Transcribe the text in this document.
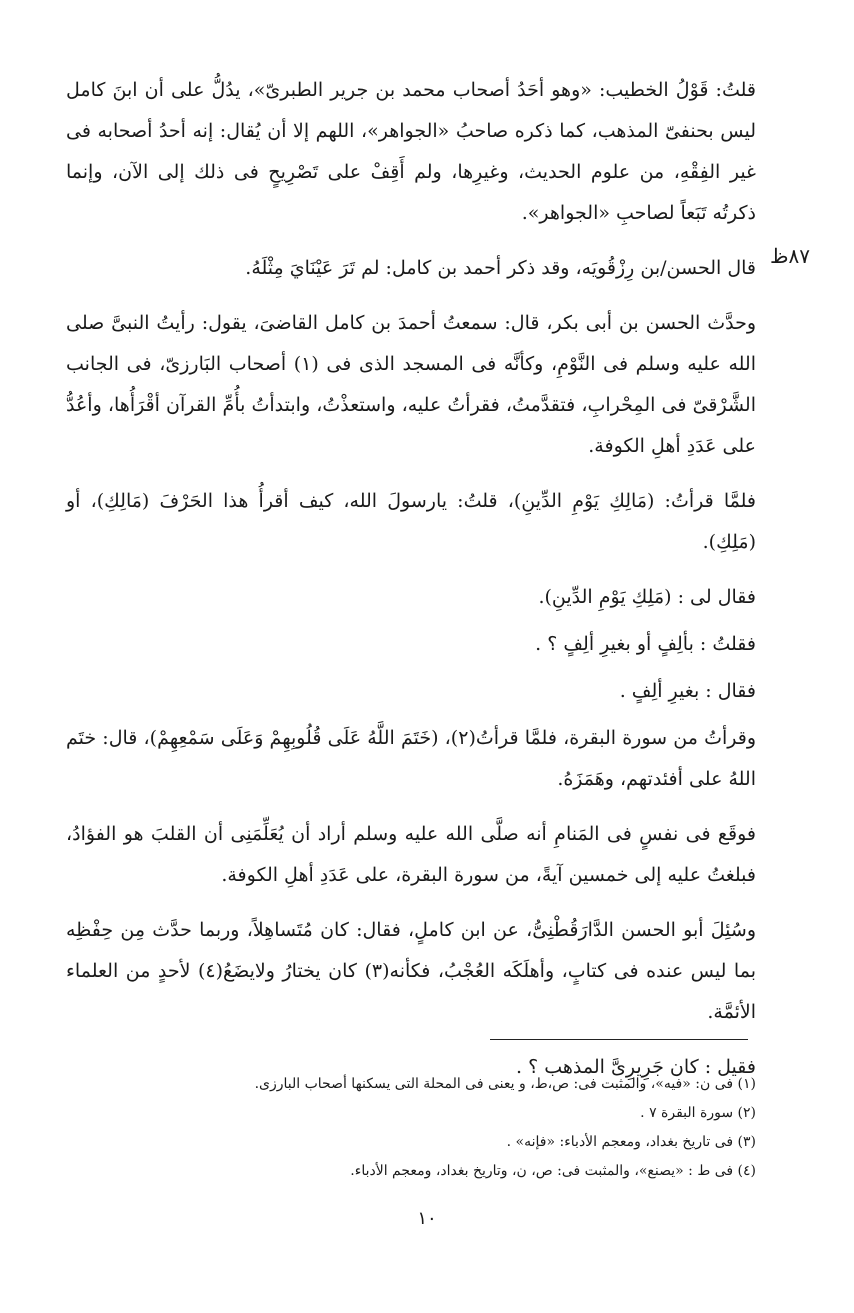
٨٧ظ

قلتُ: قَوْلُ الخطيب: «وهو أحَدُ أصحاب محمد بن جرير الطبرىّ»، يدُلُّ على أن ابنَ كامل ليس بحنفىّ المذهب، كما ذكره صاحبُ «الجواهر»، اللهم إلا أن يُقال: إنه أحدُ أصحابه فى غير الفِقْهِ، من علوم الحديث، وغيرِها، ولم أَقِفْ على تَصْرِيحٍ فى ذلك إلى الآن، وإنما ذكرتُه تَبَعاً لصاحبِ «الجواهر».

قال الحسن/بن رِزْقُويَه، وقد ذكر أحمد بن كامل: لم تَرَ عَيْنَايَ مِثْلَهُ.

وحدَّث الحسن بن أبى بكر، قال: سمعتُ أحمدَ بن كامل القاضىَ، يقول: رأيتُ النبىَّ صلى الله عليه وسلم فى النَّوْمِ، وكأنَّه فى المسجد الذى فى (١) أصحاب البَارزىّ، فى الجانب الشَّرْقىّ فى المِحْرابِ، فتقدَّمتُ، فقرأتُ عليه، واستعذْتُ، وابتدأتُ بأُمِّ القرآن أقْرَأُها، وأعُدُّ على عَدَدِ أهلِ الكوفة.

فلمَّا قرأتُ: (مَالِكِ يَوْمِ الدِّينِ)، قلتُ: يارسولَ الله، كيف أقرأُ هذا الحَرْفَ (مَالِكِ)، أو (مَلِكِ).

فقال لى : (مَلِكِ يَوْمِ الدِّينِ).

فقلتُ : بألِفٍ أو بغيرِ ألِفٍ ؟ .

فقال : بغيرِ ألِفٍ .

وقرأتُ من سورة البقرة، فلمَّا قرأتُ(٢)، (خَتَمَ اللَّهُ عَلَى قُلُوبِهِمْ وَعَلَى سَمْعِهِمْ)، قال: ختَم اللهُ على أفئدتهم، وهَمَزَهُ.

فوقَع فى نفسٍ فى المَنامِ أنه صلَّى الله عليه وسلم أراد أن يُعَلِّمَنِى أن القلبَ هو الفؤادُ، فبلغتُ عليه إلى خمسين آيةً، من سورة البقرة، على عَدَدِ أهلِ الكوفة.

وسُئِلَ أبو الحسن الدَّارَقُطْنِىُّ، عن ابن كاملٍ، فقال: كان مُتَساهِلاً، وربما حدَّث مِن حِفْظِه بما ليس عنده فى كتابٍ، وأهلَكَه العُجْبُ، فكأنه(٣) كان يختارُ ولايضَعُ(٤) لأحدٍ من العلماء الأئمَّة.

فقيل : كان جَرِيرِىَّ المذهب ؟ .

(١) فى ن: «فيه»، والمثبت فى: ص،ط، و يعنى فى المحلة التى يسكنها أصحاب البارزى.
(٢) سورة البقرة ٧ .
(٣) فى تاريخ بغداد، ومعجم الأدباء: «فإنه» .
(٤) فى ط : «يصنع»، والمثبت فى: ص، ن، وتاريخ بغداد، ومعجم الأدباء.
١٠
